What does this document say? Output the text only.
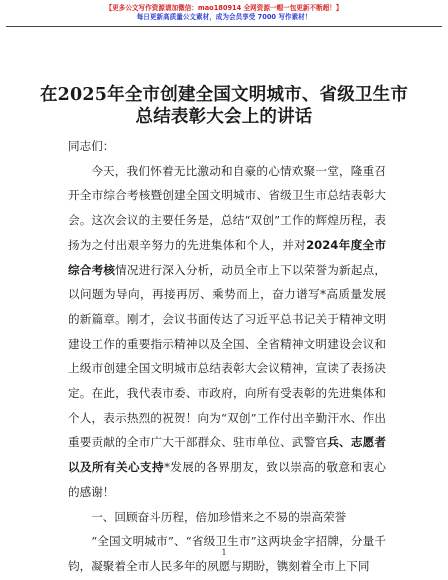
【更多公文写作资源请加微信：mao180914 全网资源一帽一包更新不断超！】
每日更新高质量公文素材，成为会员享受 7000 写作素材！
在2025年全市创建全国文明城市、省级卫生市
总结表彰大会上的讲话

同志们：

今天，我们怀着无比激动和自豪的心情欢聚一堂，隆重召开全市综合考核暨创建全国文明城市、省级卫生市总结表彰大会。这次会议的主要任务是，总结“双创”工作的辉煌历程，表扬为之付出艰辛努力的先进集体和个人，并对2024年度全市综合考核情况进行深入分析，动员全市上下以荣誉为新起点，以问题为导向，再接再厉、乘势而上，奋力谱写*高质量发展的新篇章。刚才，会议书面传达了习近平总书记关于精神文明建设工作的重要指示精神以及全国、全省精神文明建设会议和上级市创建全国文明城市总结表彰大会议精神，宣读了表扬决定。在此，我代表市委、市政府，向所有受表彰的先进集体和个人，表示热烈的祝贺！向为“双创”工作付出辛勤汗水、作出重要贡献的全市广大干部群众、驻市单位、武警官兵、志愿者以及所有关心支持*发展的各界朋友，致以崇高的敬意和衷心的感谢！

一、回顾奋斗历程，倍加珍惜来之不易的崇高荣誉

“全国文明城市”、“省级卫生市”这两块金字招牌，分量千钧，凝聚着全市人民多年的夙愿与期盼，镌刻着全市上下同

1
